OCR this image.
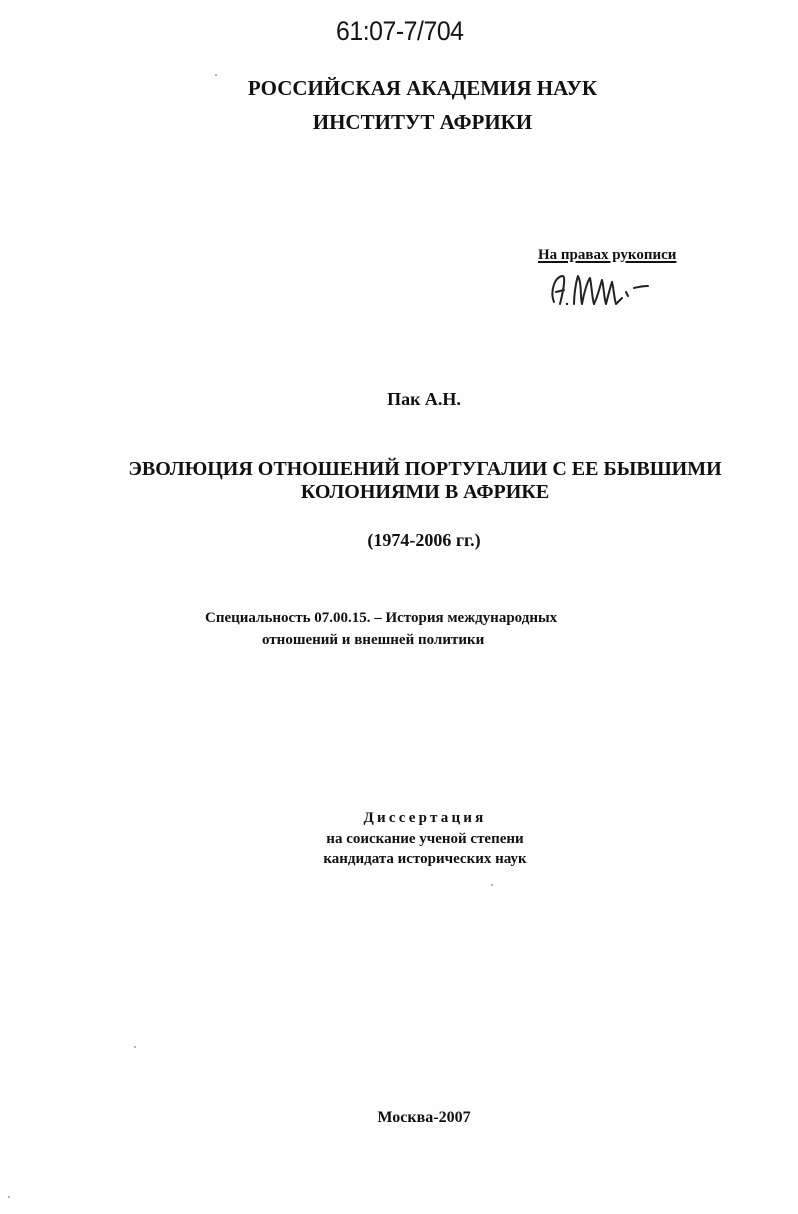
61:07-7/704
РОССИЙСКАЯ АКАДЕМИЯ НАУК
ИНСТИТУТ АФРИКИ
На правах рукописи
Пак А.Н.
ЭВОЛЮЦИЯ ОТНОШЕНИЙ ПОРТУГАЛИИ С ЕЕ БЫВШИМИ
КОЛОНИЯМИ В АФРИКЕ
(1974-2006 гг.)
Специальность 07.00.15. – История международных
отношений и внешней политики
Диссертация
на соискание ученой степени
кандидата исторических наук
Москва-2007
